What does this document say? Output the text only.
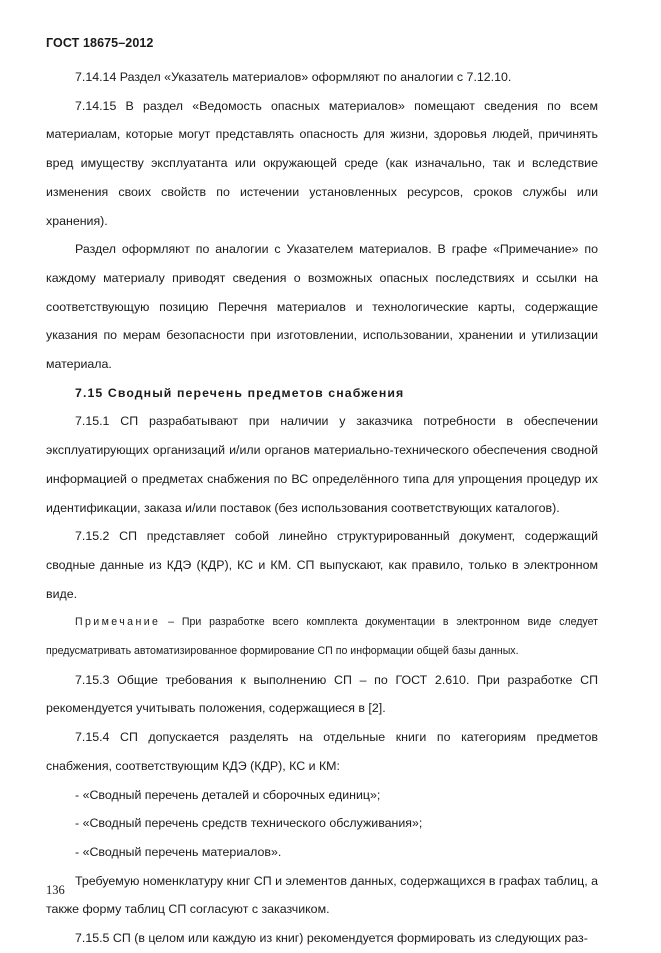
ГОСТ 18675–2012

7.14.14 Раздел «Указатель материалов» оформляют по аналогии с 7.12.10.

7.14.15 В раздел «Ведомость опасных материалов» помещают сведения по всем материалам, которые могут представлять опасность для жизни, здоровья людей, причинять вред имуществу эксплуатанта или окружающей среде (как изначально, так и вследствие изменения своих свойств по истечении установленных ресурсов, сроков службы или хранения).

Раздел оформляют по аналогии с Указателем материалов. В графе «Примечание» по каждому материалу приводят сведения о возможных опасных последствиях и ссылки на соответствующую позицию Перечня материалов и технологические карты, содержащие указания по мерам безопасности при изготовлении, использовании, хранении и утилизации материала.

7.15 Сводный перечень предметов снабжения

7.15.1 СП разрабатывают при наличии у заказчика потребности в обеспечении эксплуатирующих организаций и/или органов материально-технического обеспечения сводной информацией о предметах снабжения по ВС определённого типа для упрощения процедур их идентификации, заказа и/или поставок (без использования соответствующих каталогов).

7.15.2 СП представляет собой линейно структурированный документ, содержащий сводные данные из КДЭ (КДР), КС и КМ. СП выпускают, как правило, только в электронном виде.

Примечание – При разработке всего комплекта документации в электронном виде следует предусматривать автоматизированное формирование СП по информации общей базы данных.

7.15.3 Общие требования к выполнению СП – по ГОСТ 2.610. При разработке СП рекомендуется учитывать положения, содержащиеся в [2].

7.15.4 СП допускается разделять на отдельные книги по категориям предметов снабжения, соответствующим КДЭ (КДР), КС и КМ:

- «Сводный перечень деталей и сборочных единиц»;

- «Сводный перечень средств технического обслуживания»;

- «Сводный перечень материалов».

Требуемую номенклатуру книг СП и элементов данных, содержащихся в графах таблиц, а также форму таблиц СП согласуют с заказчиком.

7.15.5 СП (в целом или каждую из книг) рекомендуется формировать из следующих раз-

136
